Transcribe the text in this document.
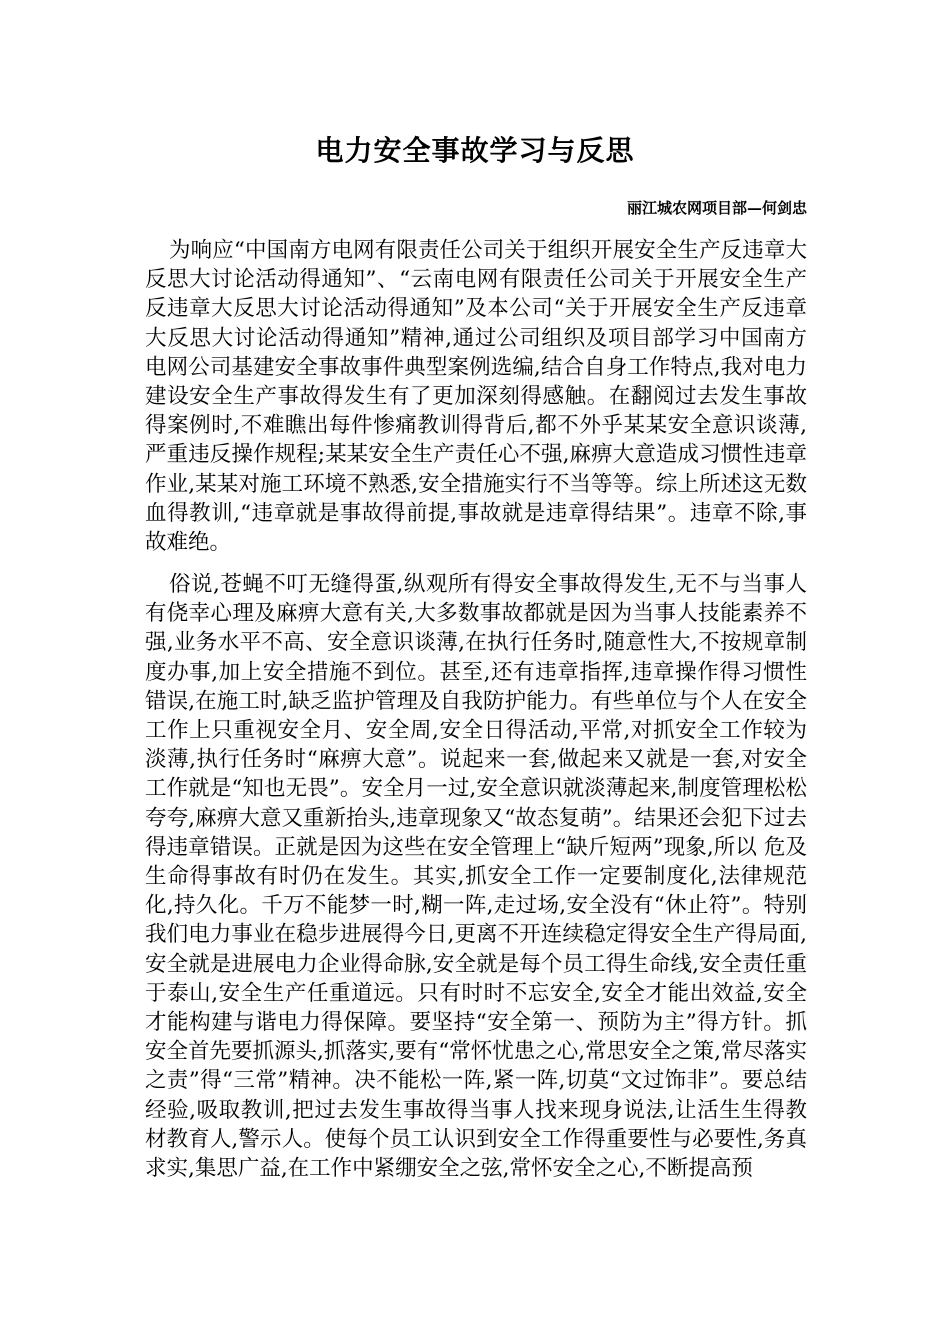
电力安全事故学习与反思
丽江城农网项目部—何剑忠

为响应“中国南方电网有限责任公司关于组织开展安全生产反违章大反思大讨论活动得通知”、“云南电网有限责任公司关于开展安全生产反违章大反思大讨论活动得通知”及本公司“关于开展安全生产反违章大反思大讨论活动得通知”精神,通过公司组织及项目部学习中国南方电网公司基建安全事故事件典型案例选编,结合自身工作特点,我对电力建设安全生产事故得发生有了更加深刻得感触。在翻阅过去发生事故得案例时,不难瞧出每件惨痛教训得背后,都不外乎某某安全意识谈薄,严重违反操作规程;某某安全生产责任心不强,麻痹大意造成习惯性违章作业,某某对施工环境不熟悉,安全措施实行不当等等。综上所述这无数血得教训,“违章就是事故得前提,事故就是违章得结果”。违章不除,事故难绝。

俗说,苍蝇不叮无缝得蛋,纵观所有得安全事故得发生,无不与当事人有侥幸心理及麻痹大意有关,大多数事故都就是因为当事人技能素养不强,业务水平不高、安全意识谈薄,在执行任务时,随意性大,不按规章制度办事,加上安全措施不到位。甚至,还有违章指挥,违章操作得习惯性错误,在施工时,缺乏监护管理及自我防护能力。有些单位与个人在安全工作上只重视安全月、安全周,安全日得活动,平常,对抓安全工作较为淡薄,执行任务时“麻痹大意”。说起来一套,做起来又就是一套,对安全工作就是“知也无畏”。安全月一过,安全意识就淡薄起来,制度管理松松夸夸,麻痹大意又重新抬头,违章现象又“故态复萌”。结果还会犯下过去得违章错误。正就是因为这些在安全管理上“缺斤短两”现象,所以 危及生命得事故有时仍在发生。其实,抓安全工作一定要制度化,法律规范化,持久化。千万不能梦一时,糊一阵,走过场,安全没有“休止符”。特别我们电力事业在稳步进展得今日,更离不开连续稳定得安全生产得局面,安全就是进展电力企业得命脉,安全就是每个员工得生命线,安全责任重于泰山,安全生产任重道远。只有时时不忘安全,安全才能出效益,安全才能构建与谐电力得保障。要坚持“安全第一、预防为主”得方针。抓安全首先要抓源头,抓落实,要有“常怀忧患之心,常思安全之策,常尽落实之责”得“三常”精神。决不能松一阵,紧一阵,切莫“文过饰非”。要总结经验,吸取教训,把过去发生事故得当事人找来现身说法,让活生生得教材教育人,警示人。使每个员工认识到安全工作得重要性与必要性,务真求实,集思广益,在工作中紧绷安全之弦,常怀安全之心,不断提高预
